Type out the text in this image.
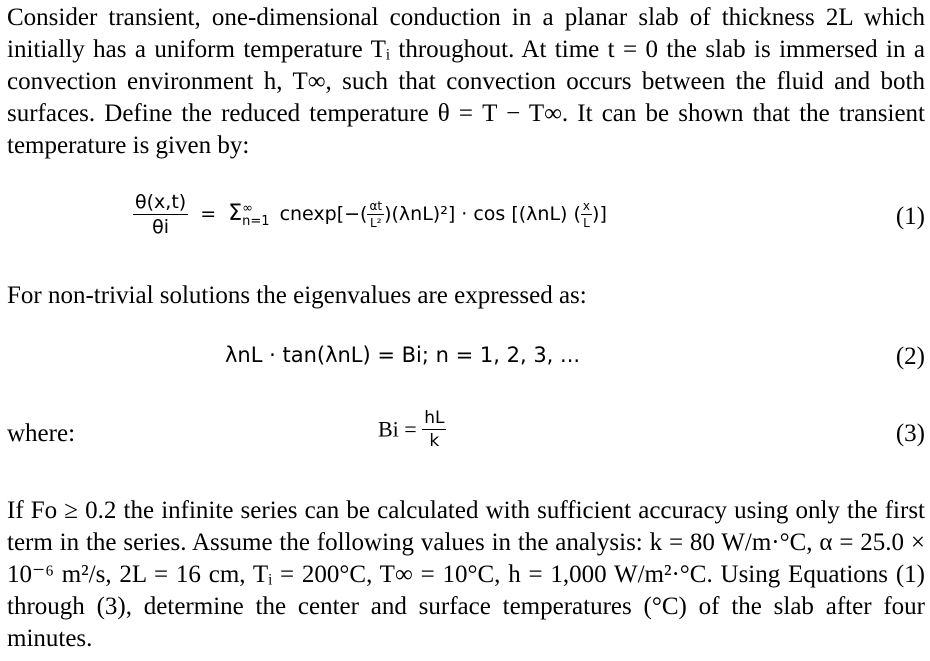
Consider transient, one-dimensional conduction in a planar slab of thickness 2L which initially has a uniform temperature Tᵢ throughout. At time t = 0 the slab is immersed in a convection environment h, T∞, such that convection occurs between the fluid and both surfaces. Define the reduced temperature θ = T − T∞. It can be shown that the transient temperature is given by:
$\frac{\theta(x,t)}{\theta i} = \Sigma$ ∞
n=1 $cnexp[-( \frac{\alpha t}{\text{L²}} )(\lambda nL)^2] \cdot \cos [(\lambda nL)$ ( $\frac{x}{L}$ )]	(1)
For non-trivial solutions the eigenvalues are expressed as:
λnL · tan(λnL) = Bi; n = 1, 2, 3, ...	(2)
where:	$Bi = \frac{hL}{k}$	(3)
If Fo ≥ 0.2 the infinite series can be calculated with sufficient accuracy using only the first term in the series. Assume the following values in the analysis: k = 80 W/m·°C, α = 25.0 × 10⁻⁶ m²/s, 2L = 16 cm, Tᵢ = 200°C, T∞ = 10°C, h = 1,000 W/m²·°C. Using Equations (1) through (3), determine the center and surface temperatures (°C) of the slab after four minutes.
